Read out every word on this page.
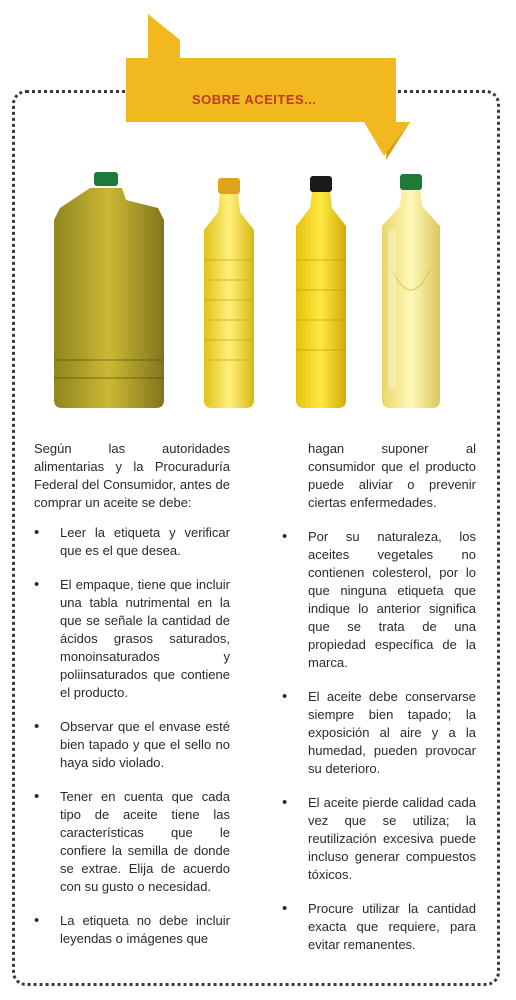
SOBRE ACEITES...

Según las autoridades alimentarias y la Procuraduría Federal del Consumidor, antes de comprar un aceite se debe:

• Leer la etiqueta y verificar que es el que desea.
• El empaque, tiene que incluir una tabla nutrimental en la que se señale la cantidad de ácidos grasos saturados, monoinsaturados y poliinsaturados que contiene el producto.
• Observar que el envase esté bien tapado y que el sello no haya sido violado.
• Tener en cuenta que cada tipo de aceite tiene las características que le confiere la semilla de donde se extrae. Elija de acuerdo con su gusto o necesidad.
• La etiqueta no debe incluir leyendas o imágenes que

hagan suponer al consumidor que el producto puede aliviar o prevenir ciertas enfermedades.

• Por su naturaleza, los aceites vegetales no contienen colesterol, por lo que ninguna etiqueta que indique lo anterior significa que se trata de una propiedad específica de la marca.
• El aceite debe conservarse siempre bien tapado; la exposición al aire y a la humedad, pueden provocar su deterioro.
• El aceite pierde calidad cada vez que se utiliza; la reutilización excesiva puede incluso generar compuestos tóxicos.
• Procure utilizar la cantidad exacta que requiere, para evitar remanentes.
